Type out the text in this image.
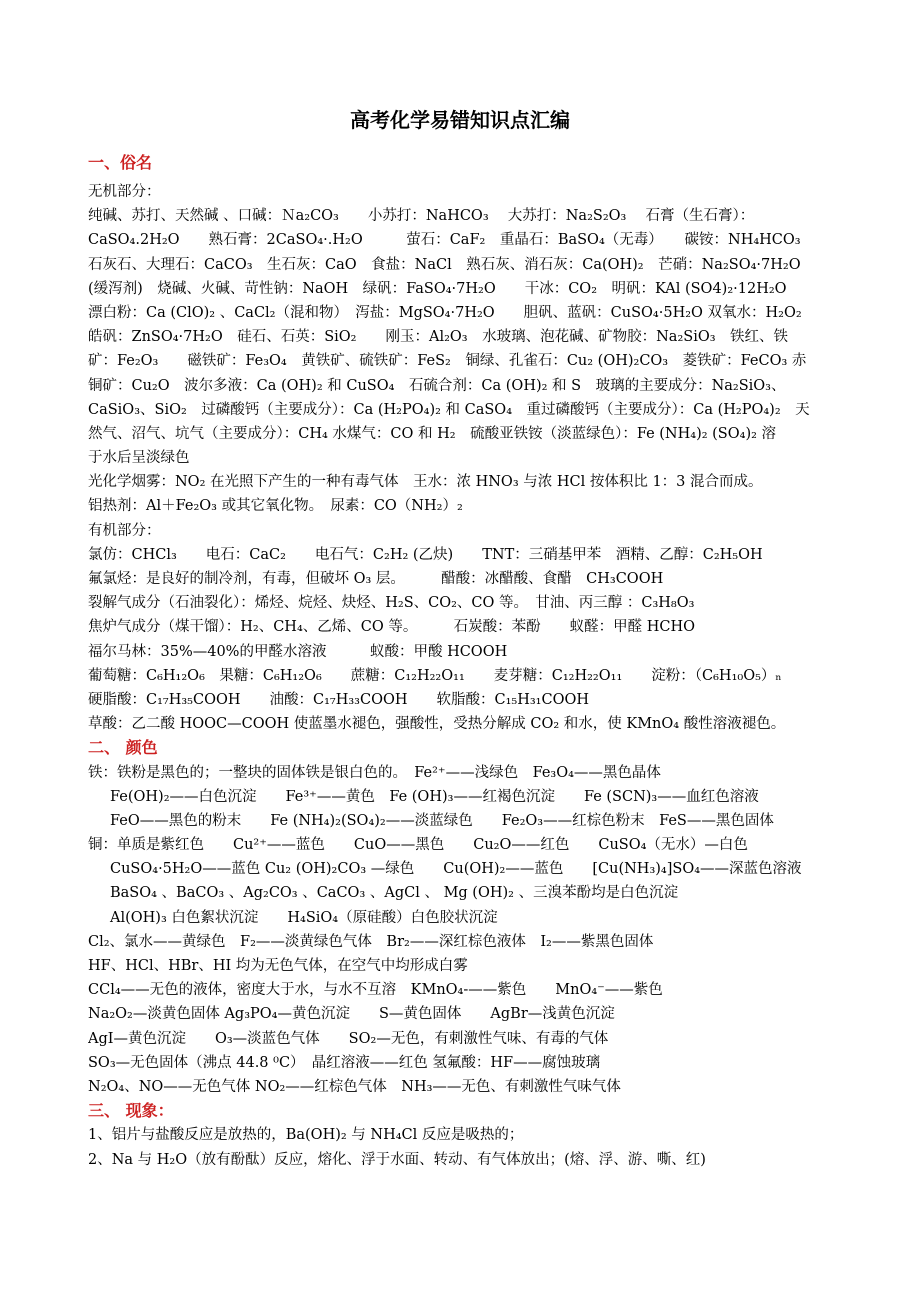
高考化学易错知识点汇编
一、俗名
无机部分：
纯碱、苏打、天然碱 、口碱：Ｎa₂CO₃　　小苏打：NaHCO₃　 大苏打：Na₂S₂O₃　 石膏（生石膏）：
CaSO₄.2H₂O　　熟石膏：2CaSO₄·.H₂O　　　萤石：CaF₂　重晶石：BaSO₄（无毒）　　碳铵：NH₄HCO₃
石灰石、大理石：CaCO₃　生石灰：CaO　食盐：NaCl　熟石灰、消石灰：Ca(OH)₂　芒硝：Na₂SO₄·7H₂O
(缓泻剂)　烧碱、火碱、苛性钠：NaOH　绿矾：FaSO₄·7H₂O　　干冰：CO₂　明矾：KAl (SO4)₂·12H₂O
漂白粉：Ca (ClO)₂ 、CaCl₂（混和物）　泻盐：MgSO₄·7H₂O　　胆矾、蓝矾：CuSO₄·5H₂O 双氧水：H₂O₂
皓矾：ZnSO₄·7H₂O　硅石、石英：SiO₂　　刚玉：Al₂O₃　水玻璃、泡花碱、矿物胶：Na₂SiO₃　铁红、铁
矿：Fe₂O₃　　磁铁矿：Fe₃O₄　黄铁矿、硫铁矿：FeS₂　铜绿、孔雀石：Cu₂ (OH)₂CO₃　菱铁矿：FeCO₃ 赤
铜矿：Cu₂O　波尔多液：Ca (OH)₂ 和 CuSO₄　石硫合剂：Ca (OH)₂ 和 S　玻璃的主要成分：Na₂SiO₃、
CaSiO₃、SiO₂　过磷酸钙（主要成分）：Ca (H₂PO₄)₂ 和 CaSO₄　重过磷酸钙（主要成分）：Ca (H₂PO₄)₂　天
然气、沼气、坑气（主要成分）：CH₄ 水煤气：CO 和 H₂　硫酸亚铁铵（淡蓝绿色）：Fe (NH₄)₂ (SO₄)₂ 溶
于水后呈淡绿色
光化学烟雾：NO₂ 在光照下产生的一种有毒气体　王水：浓 HNO₃ 与浓 HCl 按体积比 1：3 混合而成。
铝热剂：Al＋Fe₂O₃ 或其它氧化物。　尿素：CO（NH₂）₂
有机部分：
氯仿：CHCl₃　　电石：CaC₂　　电石气：C₂H₂ (乙炔)　　TNT：三硝基甲苯　酒精、乙醇：C₂H₅OH
氟氯烃：是良好的制冷剂，有毒，但破坏 O₃ 层。　　　醋酸：冰醋酸、食醋　CH₃COOH
裂解气成分（石油裂化）：烯烃、烷烃、炔烃、H₂S、CO₂、CO 等。　甘油、丙三醇 ：C₃H₈O₃
焦炉气成分（煤干馏）：H₂、CH₄、乙烯、CO 等。　　　石炭酸：苯酚　　蚁醛：甲醛 HCHO
福尔马林：35%—40%的甲醛水溶液　　　蚁酸：甲酸 HCOOH
葡萄糖：C₆H₁₂O₆　果糖：C₆H₁₂O₆　　蔗糖：C₁₂H₂₂O₁₁　　麦芽糖：C₁₂H₂₂O₁₁　　淀粉：（C₆H₁₀O₅）ₙ
硬脂酸：C₁₇H₃₅COOH　　油酸：C₁₇H₃₃COOH　　软脂酸：C₁₅H₃₁COOH
草酸：乙二酸 HOOC—COOH 使蓝墨水褪色，强酸性，受热分解成 CO₂ 和水，使 KMnO₄ 酸性溶液褪色。
二、 颜色
铁：铁粉是黑色的；一整块的固体铁是银白色的。　Fe²⁺——浅绿色　Fe₃O₄——黑色晶体
Fe(OH)₂——白色沉淀　　Fe³⁺——黄色　Fe (OH)₃——红褐色沉淀　　Fe (SCN)₃——血红色溶液
FeO——黑色的粉末　　Fe (NH₄)₂(SO₄)₂——淡蓝绿色　　Fe₂O₃——红棕色粉末　FeS——黑色固体
铜：单质是紫红色　　Cu²⁺——蓝色　　CuO——黑色　　Cu₂O——红色　　CuSO₄（无水）—白色
CuSO₄·5H₂O——蓝色 Cu₂ (OH)₂CO₃ —绿色　　Cu(OH)₂——蓝色　　[Cu(NH₃)₄]SO₄——深蓝色溶液
BaSO₄ 、BaCO₃ 、Ag₂CO₃ 、CaCO₃ 、AgCl 、 Mg (OH)₂ 、三溴苯酚均是白色沉淀
Al(OH)₃ 白色絮状沉淀　　H₄SiO₄（原硅酸）白色胶状沉淀
Cl₂、氯水——黄绿色　F₂——淡黄绿色气体　Br₂——深红棕色液体　I₂——紫黑色固体
HF、HCl、HBr、HI 均为无色气体，在空气中均形成白雾
CCl₄——无色的液体，密度大于水，与水不互溶　KMnO₄-——紫色　　MnO₄⁻——紫色
Na₂O₂—淡黄色固体 Ag₃PO₄—黄色沉淀　　S—黄色固体　　AgBr—浅黄色沉淀
AgI—黄色沉淀　　O₃—淡蓝色气体　　SO₂—无色，有刺激性气味、有毒的气体
SO₃—无色固体（沸点 44.8 ⁰C）　晶红溶液——红色 氢氟酸：HF——腐蚀玻璃
N₂O₄、NO——无色气体 NO₂——红棕色气体　NH₃——无色、有刺激性气味气体
三、 现象：
1、铝片与盐酸反应是放热的，Ba(OH)₂ 与 NH₄Cl 反应是吸热的；
2、Na 与 H₂O（放有酚酞）反应，熔化、浮于水面、转动、有气体放出；(熔、浮、游、嘶、红)
